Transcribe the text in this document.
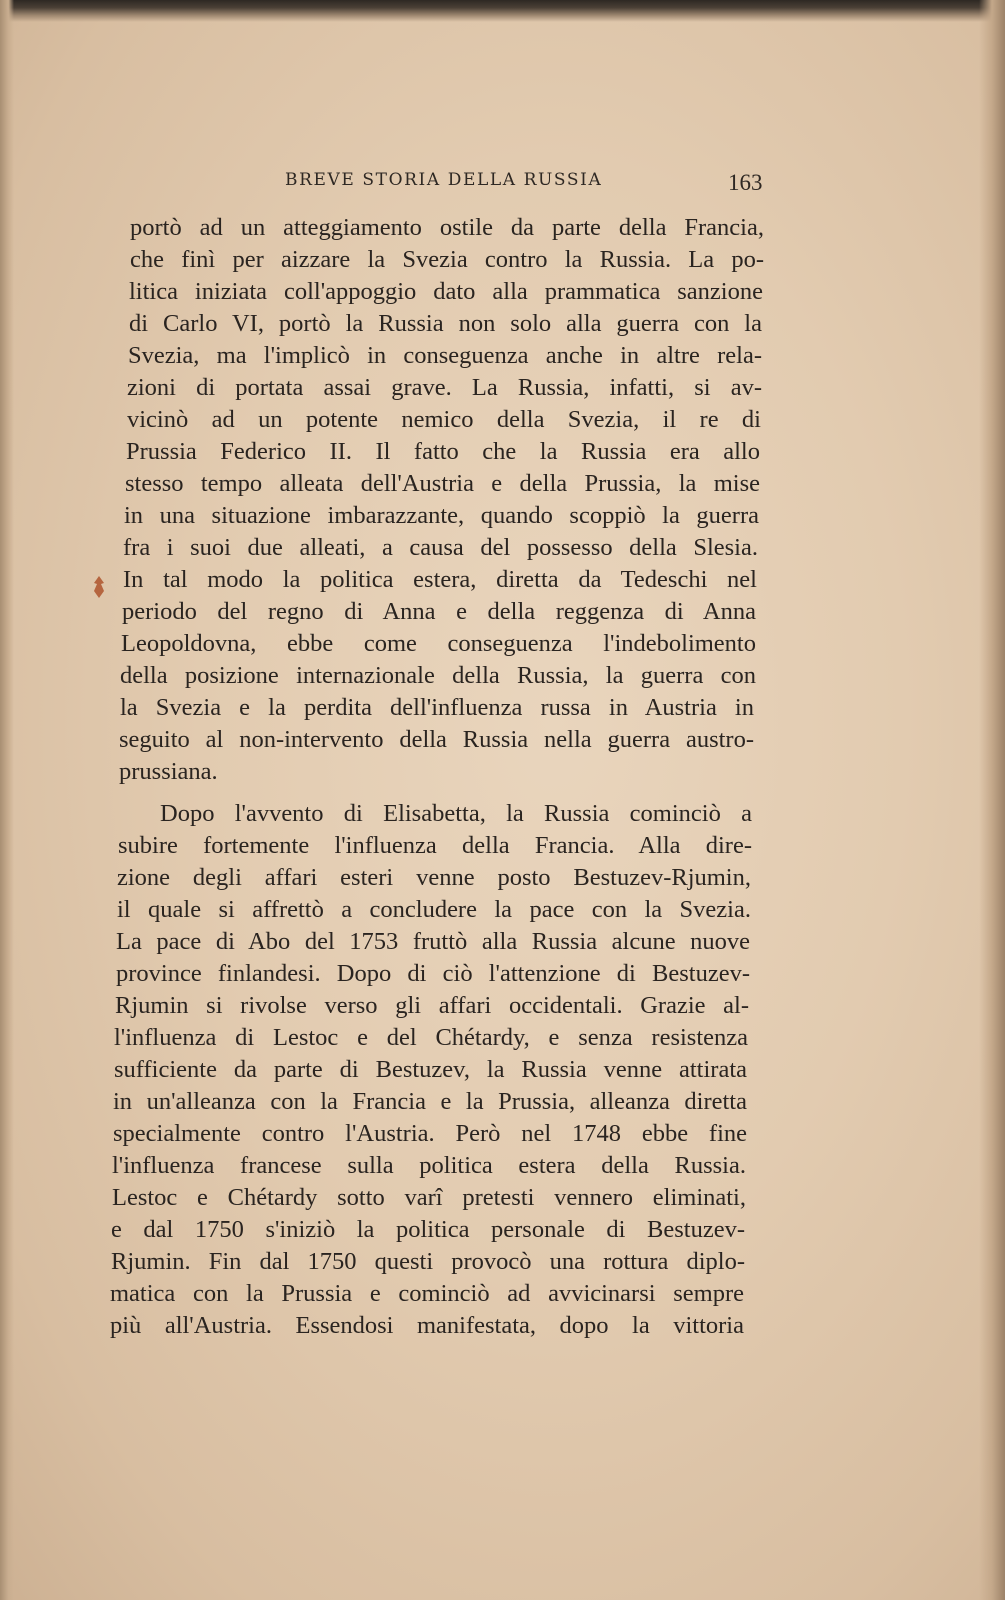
BREVE STORIA DELLA RUSSIA	163
portò ad un atteggiamento ostile da parte della Francia,
che finì per aizzare la Svezia contro la Russia. La po-
litica iniziata coll'appoggio dato alla prammatica sanzione
di Carlo VI, portò la Russia non solo alla guerra con la
Svezia, ma l'implicò in conseguenza anche in altre rela-
zioni di portata assai grave. La Russia, infatti, si av-
vicinò ad un potente nemico della Svezia, il re di
Prussia Federico II. Il fatto che la Russia era allo
stesso tempo alleata dell'Austria e della Prussia, la mise
in una situazione imbarazzante, quando scoppiò la guerra
fra i suoi due alleati, a causa del possesso della Slesia.
In tal modo la politica estera, diretta da Tedeschi nel
periodo del regno di Anna e della reggenza di Anna
Leopoldovna, ebbe come conseguenza l'indebolimento
della posizione internazionale della Russia, la guerra con
la Svezia e la perdita dell'influenza russa in Austria in
seguito al non-intervento della Russia nella guerra austro-
prussiana.
Dopo l'avvento di Elisabetta, la Russia cominciò a
subire fortemente l'influenza della Francia. Alla dire-
zione degli affari esteri venne posto Bestuzev-Rjumin,
il quale si affrettò a concludere la pace con la Svezia.
La pace di Abo del 1753 fruttò alla Russia alcune nuove
province finlandesi. Dopo di ciò l'attenzione di Bestuzev-
Rjumin si rivolse verso gli affari occidentali. Grazie al-
l'influenza di Lestoc e del Chétardy, e senza resistenza
sufficiente da parte di Bestuzev, la Russia venne attirata
in un'alleanza con la Francia e la Prussia, alleanza diretta
specialmente contro l'Austria. Però nel 1748 ebbe fine
l'influenza francese sulla politica estera della Russia.
Lestoc e Chétardy sotto varî pretesti vennero eliminati,
e dal 1750 s'iniziò la politica personale di Bestuzev-
Rjumin. Fin dal 1750 questi provocò una rottura diplo-
matica con la Prussia e cominciò ad avvicinarsi sempre
più all'Austria. Essendosi manifestata, dopo la vittoria
